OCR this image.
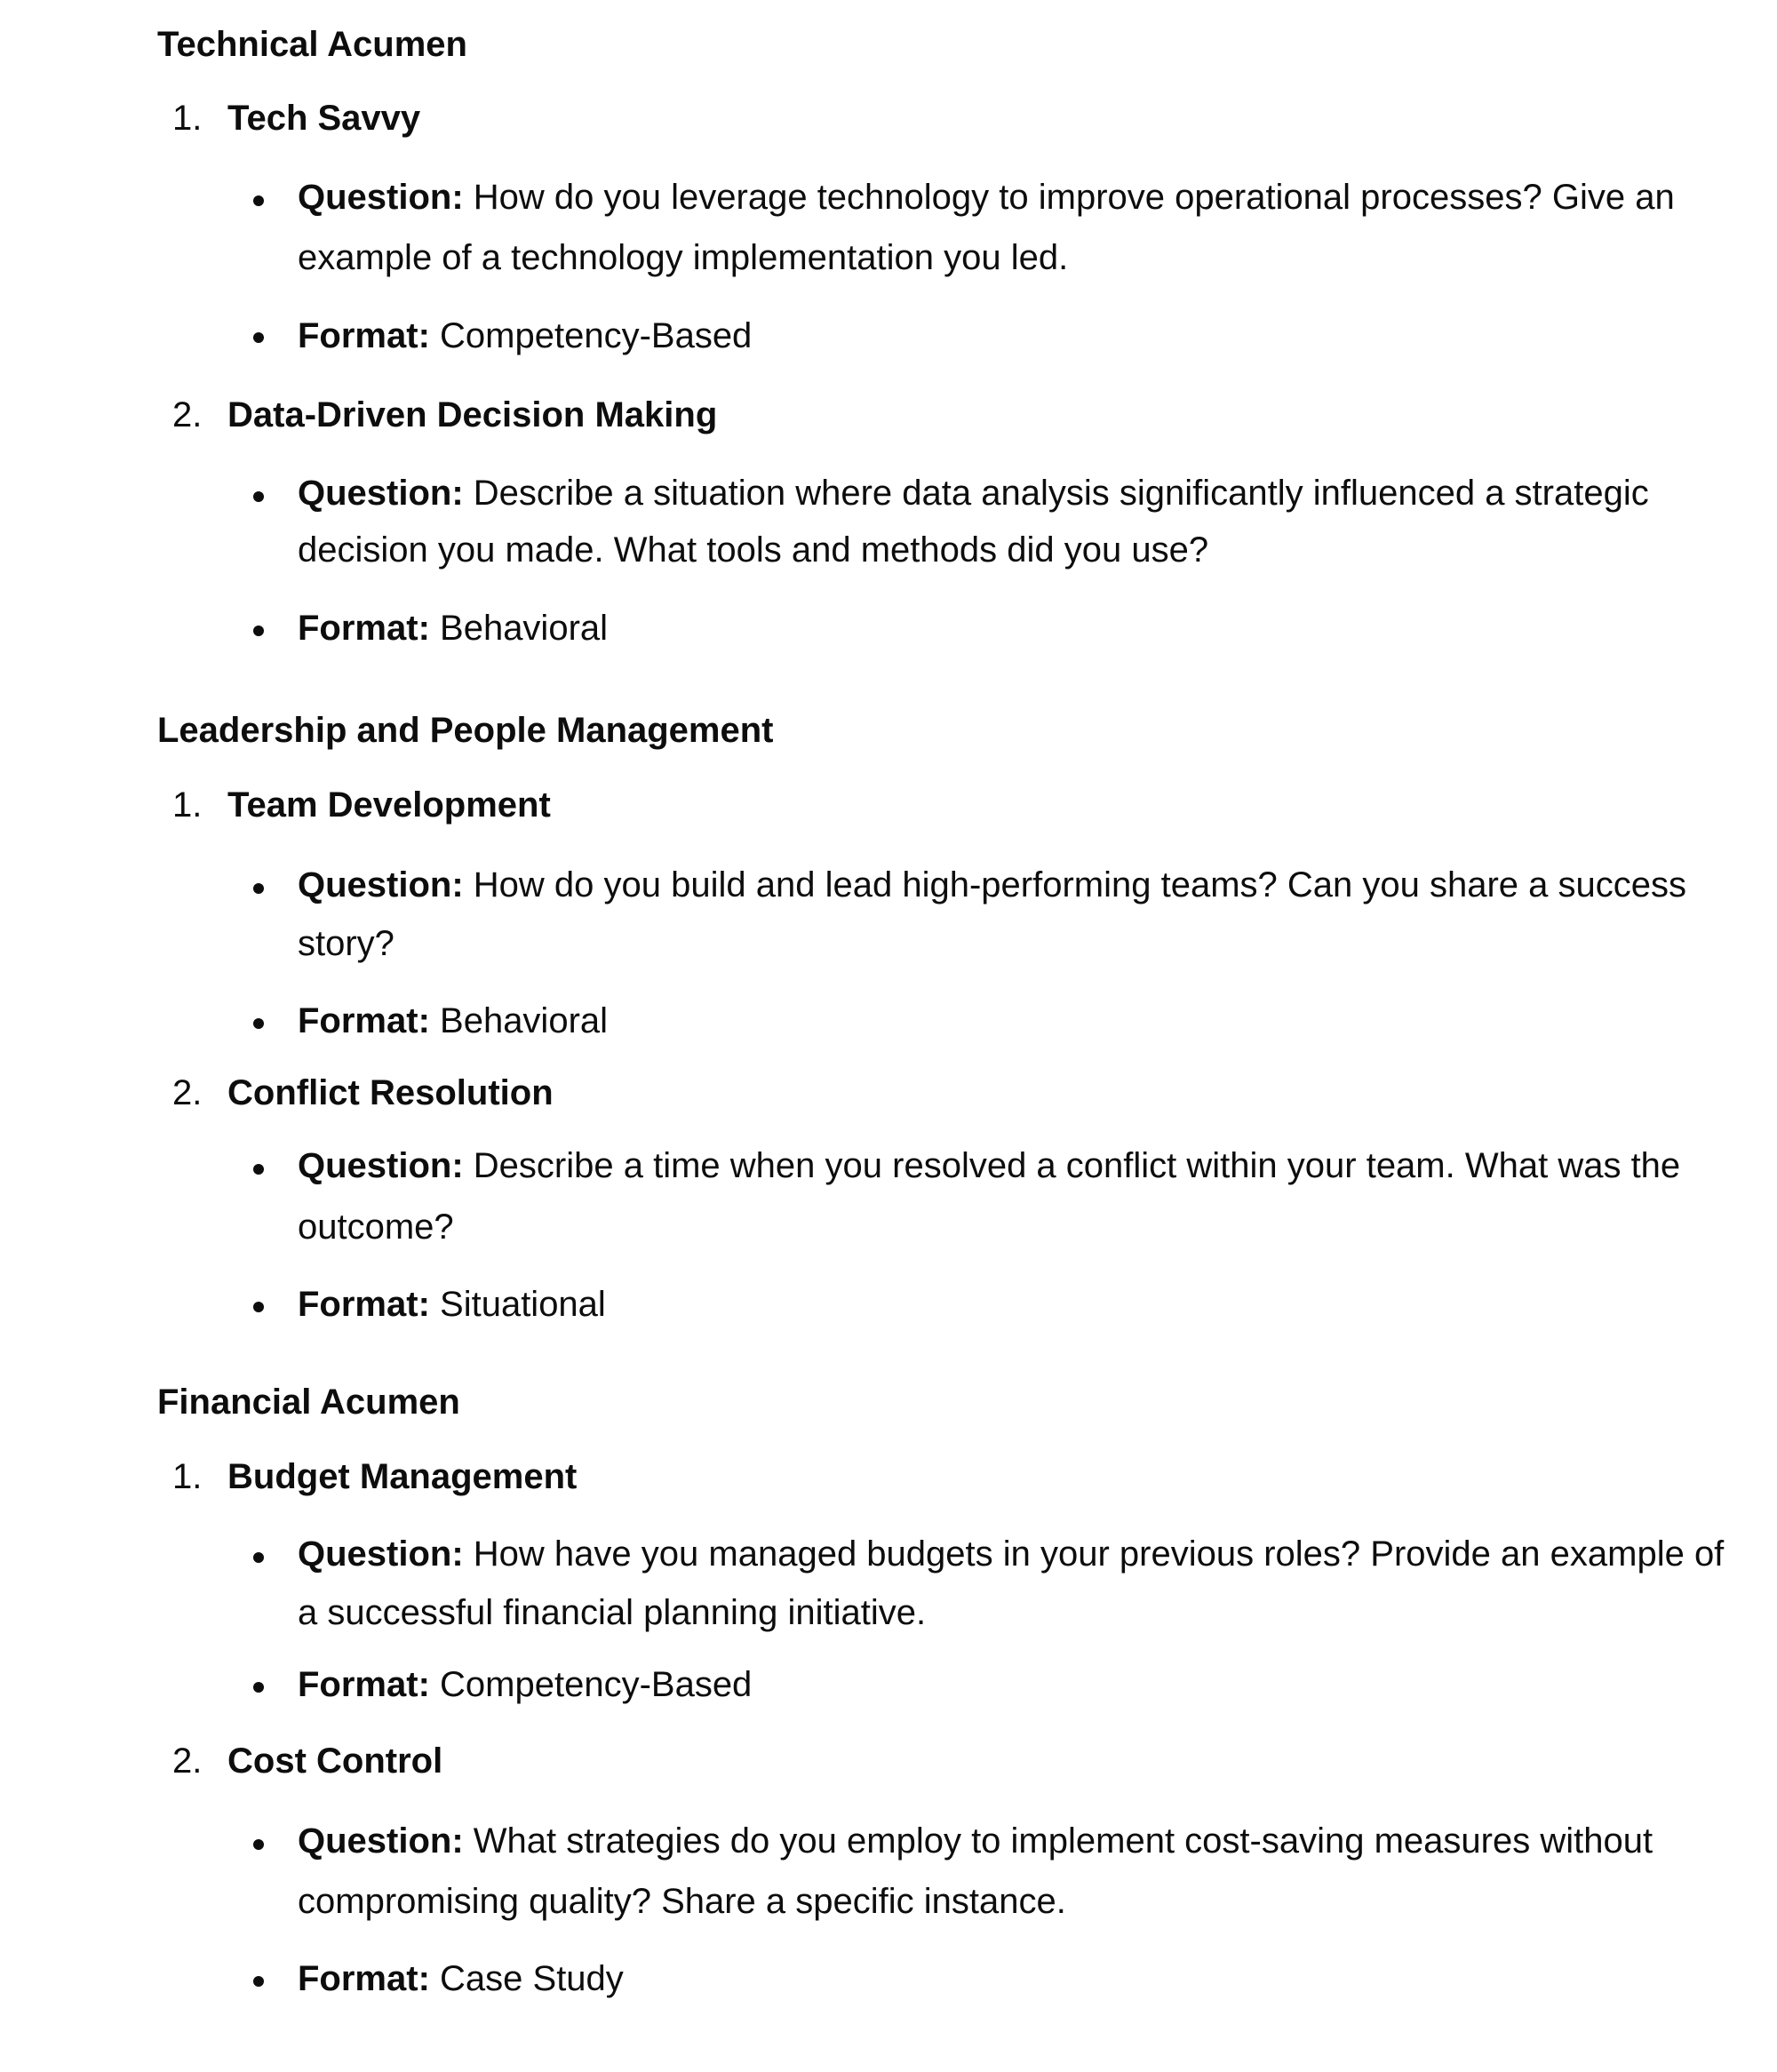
Technical Acumen
1. Tech Savvy
Question: How do you leverage technology to improve operational processes? Give an
example of a technology implementation you led.
Format: Competency-Based
2. Data-Driven Decision Making
Question: Describe a situation where data analysis significantly influenced a strategic
decision you made. What tools and methods did you use?
Format: Behavioral
Leadership and People Management
1. Team Development
Question: How do you build and lead high-performing teams? Can you share a success
story?
Format: Behavioral
2. Conflict Resolution
Question: Describe a time when you resolved a conflict within your team. What was the
outcome?
Format: Situational
Financial Acumen
1. Budget Management
Question: How have you managed budgets in your previous roles? Provide an example of
a successful financial planning initiative.
Format: Competency-Based
2. Cost Control
Question: What strategies do you employ to implement cost-saving measures without
compromising quality? Share a specific instance.
Format: Case Study
